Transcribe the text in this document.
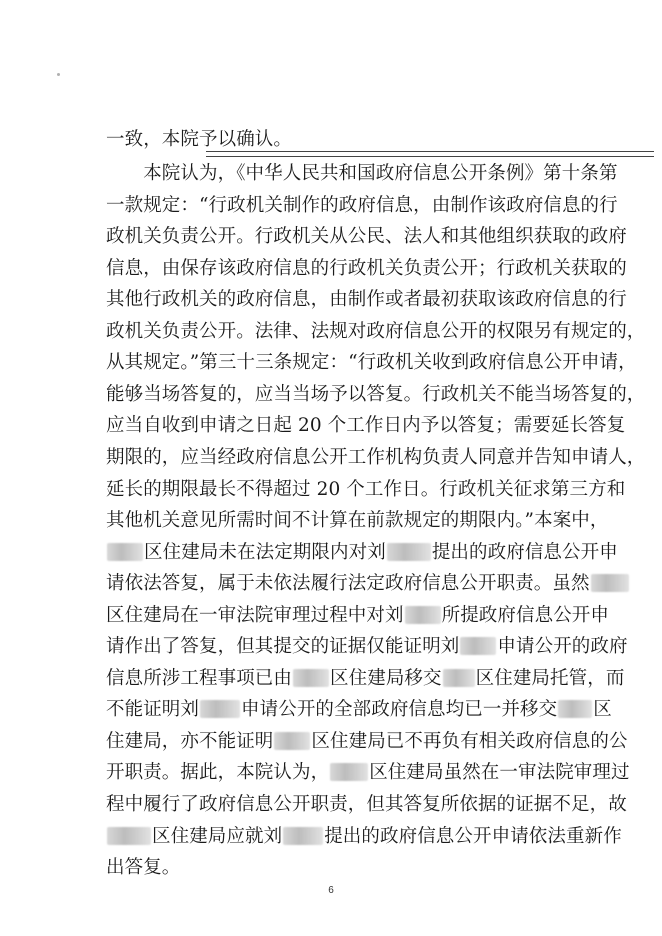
一致，本院予以确认。
　　本院认为，《中华人民共和国政府信息公开条例》第十条第
一款规定：“行政机关制作的政府信息，由制作该政府信息的行
政机关负责公开。行政机关从公民、法人和其他组织获取的政府
信息，由保存该政府信息的行政机关负责公开；行政机关获取的
其他行政机关的政府信息，由制作或者最初获取该政府信息的行
政机关负责公开。法律、法规对政府信息公开的权限另有规定的，
从其规定。”第三十三条规定：“行政机关收到政府信息公开申请，
能够当场答复的，应当当场予以答复。行政机关不能当场答复的，
应当自收到申请之日起 20 个工作日内予以答复；需要延长答复
期限的，应当经政府信息公开工作机构负责人同意并告知申请人，
延长的期限最长不得超过 20 个工作日。行政机关征求第三方和
其他机关意见所需时间不计算在前款规定的期限内。”本案中，
区住建局未在法定期限内对刘 提出的政府信息公开申
请依法答复，属于未依法履行法定政府信息公开职责。虽然
区住建局在一审法院审理过程中对刘 所提政府信息公开申
请作出了答复，但其提交的证据仅能证明刘 申请公开的政府
信息所涉工程事项已由 区住建局移交 区住建局托管，而
不能证明刘 申请公开的全部政府信息均已一并移交 区
住建局，亦不能证明 区住建局已不再负有相关政府信息的公
开职责。据此，本院认为， 区住建局虽然在一审法院审理过
程中履行了政府信息公开职责，但其答复所依据的证据不足，故
区住建局应就刘 提出的政府信息公开申请依法重新作
出答复。
6
